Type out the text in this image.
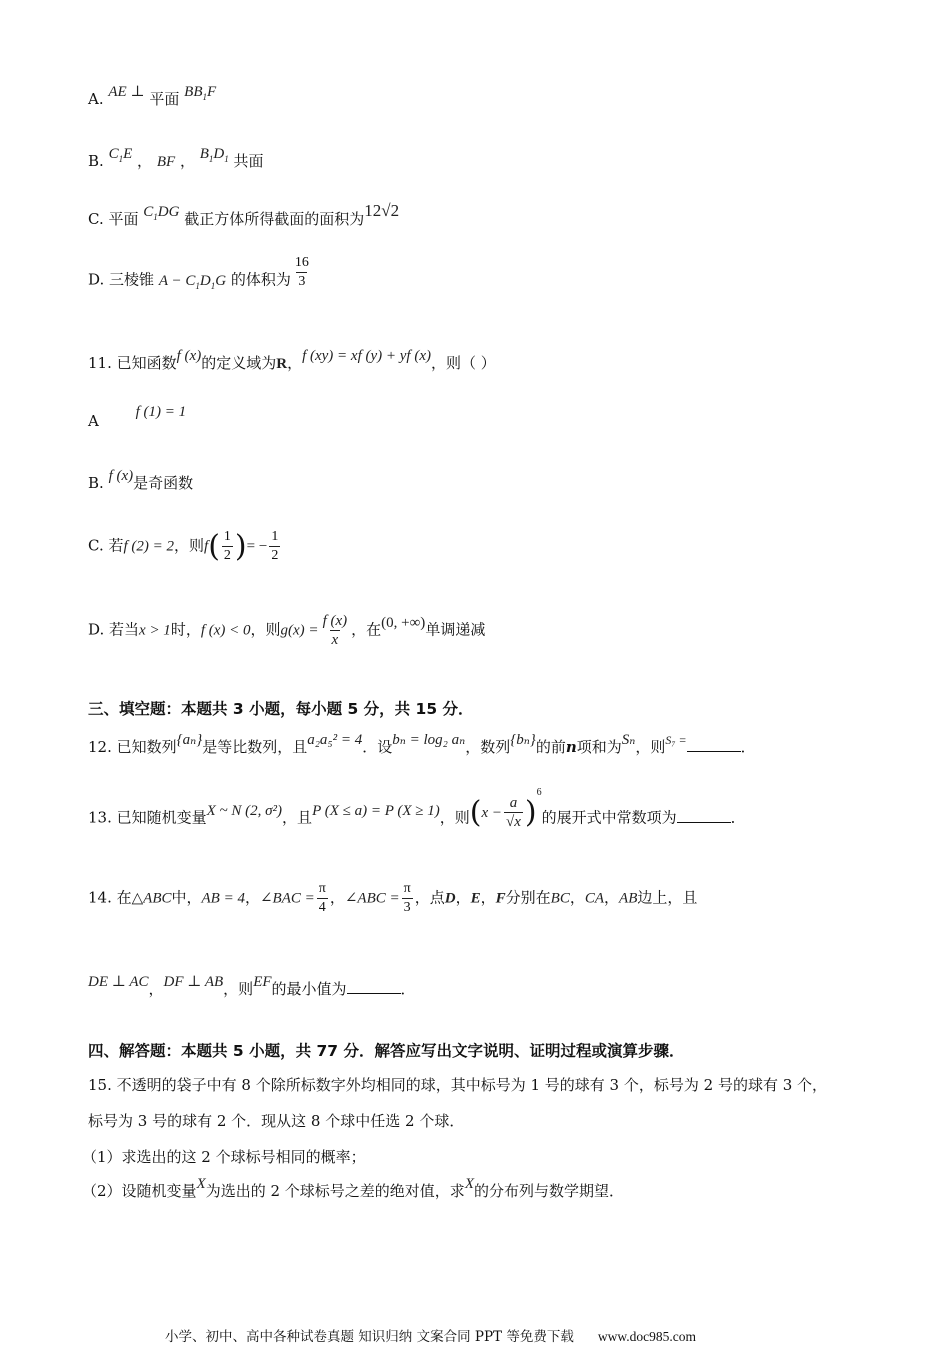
A. AE ⊥ 平面 $BB_1F$
B. $C_1E$ ， BF ， $B_1D_1$ 共面
C. 平面 $C_1DG$ 截正方体所得截面的面积为12√2
D. 三棱锥 $A - C_1D_1G$ 的体积为 $\frac{16}{3}$
11. 已知函数f (x)的定义域为R，f (xy) = xf (y) + yf (x)，则（ ）
A f (1) = 1
B. f (x)是奇函数
C. 若f (2) = 2，则$f( \frac{1}{2}$ )= − $\frac{1}{2}$
D. 若当x > 1时，f (x) < 0，则$g(x) = \frac{f (x)}{x}$ ，在(0, +∞)单调递减
三、填空题：本题共 3 小题，每小题 5 分，共 15 分．
12. 已知数列{aₙ}是等比数列，且a₂a₅² = 4．设bₙ = log₂ aₙ，数列{bₙ}的前n项和为Sₙ，则$^{S_7 =}$	．
13. 已知随机变量X ~ N (2, σ²)，且P (X ≤ a) = P (X ≥ 1)，则$(x - \frac{a}{√x} )^6$的展开式中常数项为	．
14. 在△ABC中，AB = 4，∠BAC = $\frac{\pi}{4}$ ，∠ABC = $\frac{\pi}{3}$ ，点D，E，F分别在BC，CA，AB边上，且
DE ⊥ AC，DF ⊥ AB，则EF的最小值为	．
四、解答题：本题共 5 小题，共 77 分．解答应写出文字说明、证明过程或演算步骤．
15. 不透明的袋子中有 8 个除所标数字外均相同的球，其中标号为 1 号的球有 3 个，标号为 2 号的球有 3 个，
标号为 3 号的球有 2 个．现从这 8 个球中任选 2 个球．
（1）求选出的这 2 个球标号相同的概率；
（2）设随机变量X为选出的 2 个球标号之差的绝对值，求X的分布列与数学期望．
小学、初中、高中各种试卷真题 知识归纳 文案合同 PPT 等免费下载 www.doc985.com
